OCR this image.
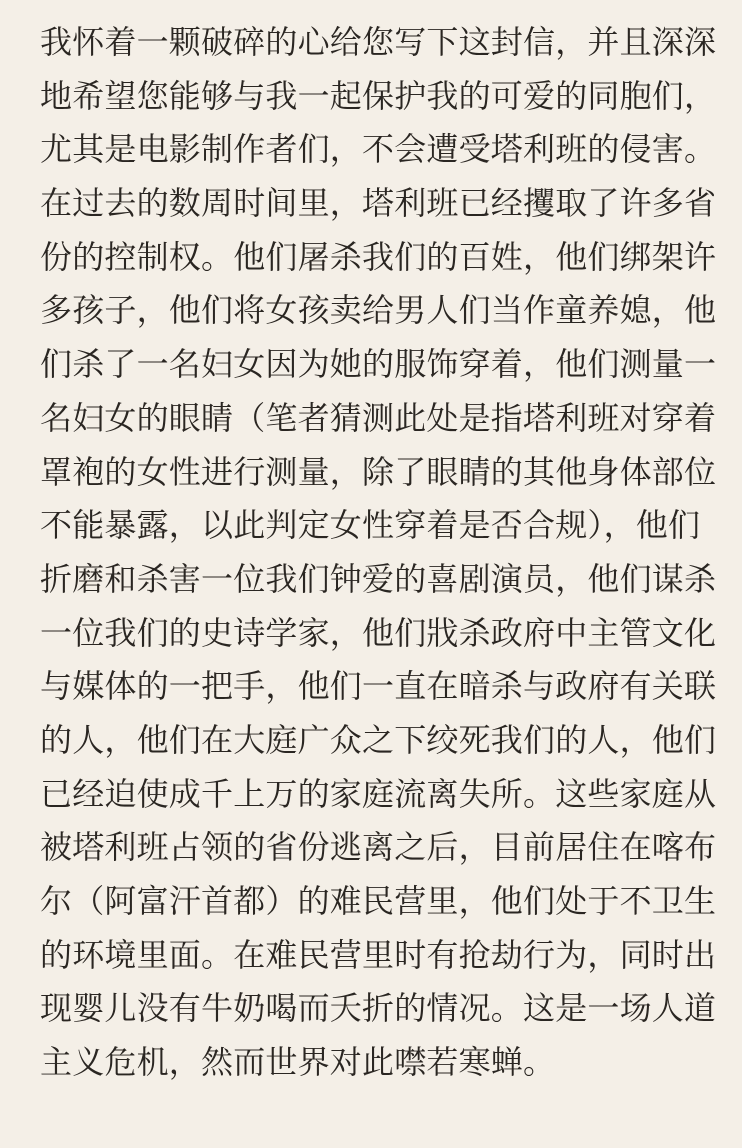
我怀着一颗破碎的心给您写下这封信，并且深深
地希望您能够与我一起保护我的可爱的同胞们，
尤其是电影制作者们，不会遭受塔利班的侵害。
在过去的数周时间里，塔利班已经攫取了许多省
份的控制权。他们屠杀我们的百姓，他们绑架许
多孩子，他们将女孩卖给男人们当作童养媳，他
们杀了一名妇女因为她的服饰穿着，他们测量一
名妇女的眼睛（笔者猜测此处是指塔利班对穿着
罩袍的女性进行测量，除了眼睛的其他身体部位
不能暴露，以此判定女性穿着是否合规），他们
折磨和杀害一位我们钟爱的喜剧演员，他们谋杀
一位我们的史诗学家，他们戕杀政府中主管文化
与媒体的一把手，他们一直在暗杀与政府有关联
的人，他们在大庭广众之下绞死我们的人，他们
已经迫使成千上万的家庭流离失所。这些家庭从
被塔利班占领的省份逃离之后，目前居住在喀布
尔（阿富汗首都）的难民营里，他们处于不卫生
的环境里面。在难民营里时有抢劫行为，同时出
现婴儿没有牛奶喝而夭折的情况。这是一场人道
主义危机，然而世界对此噤若寒蝉。
